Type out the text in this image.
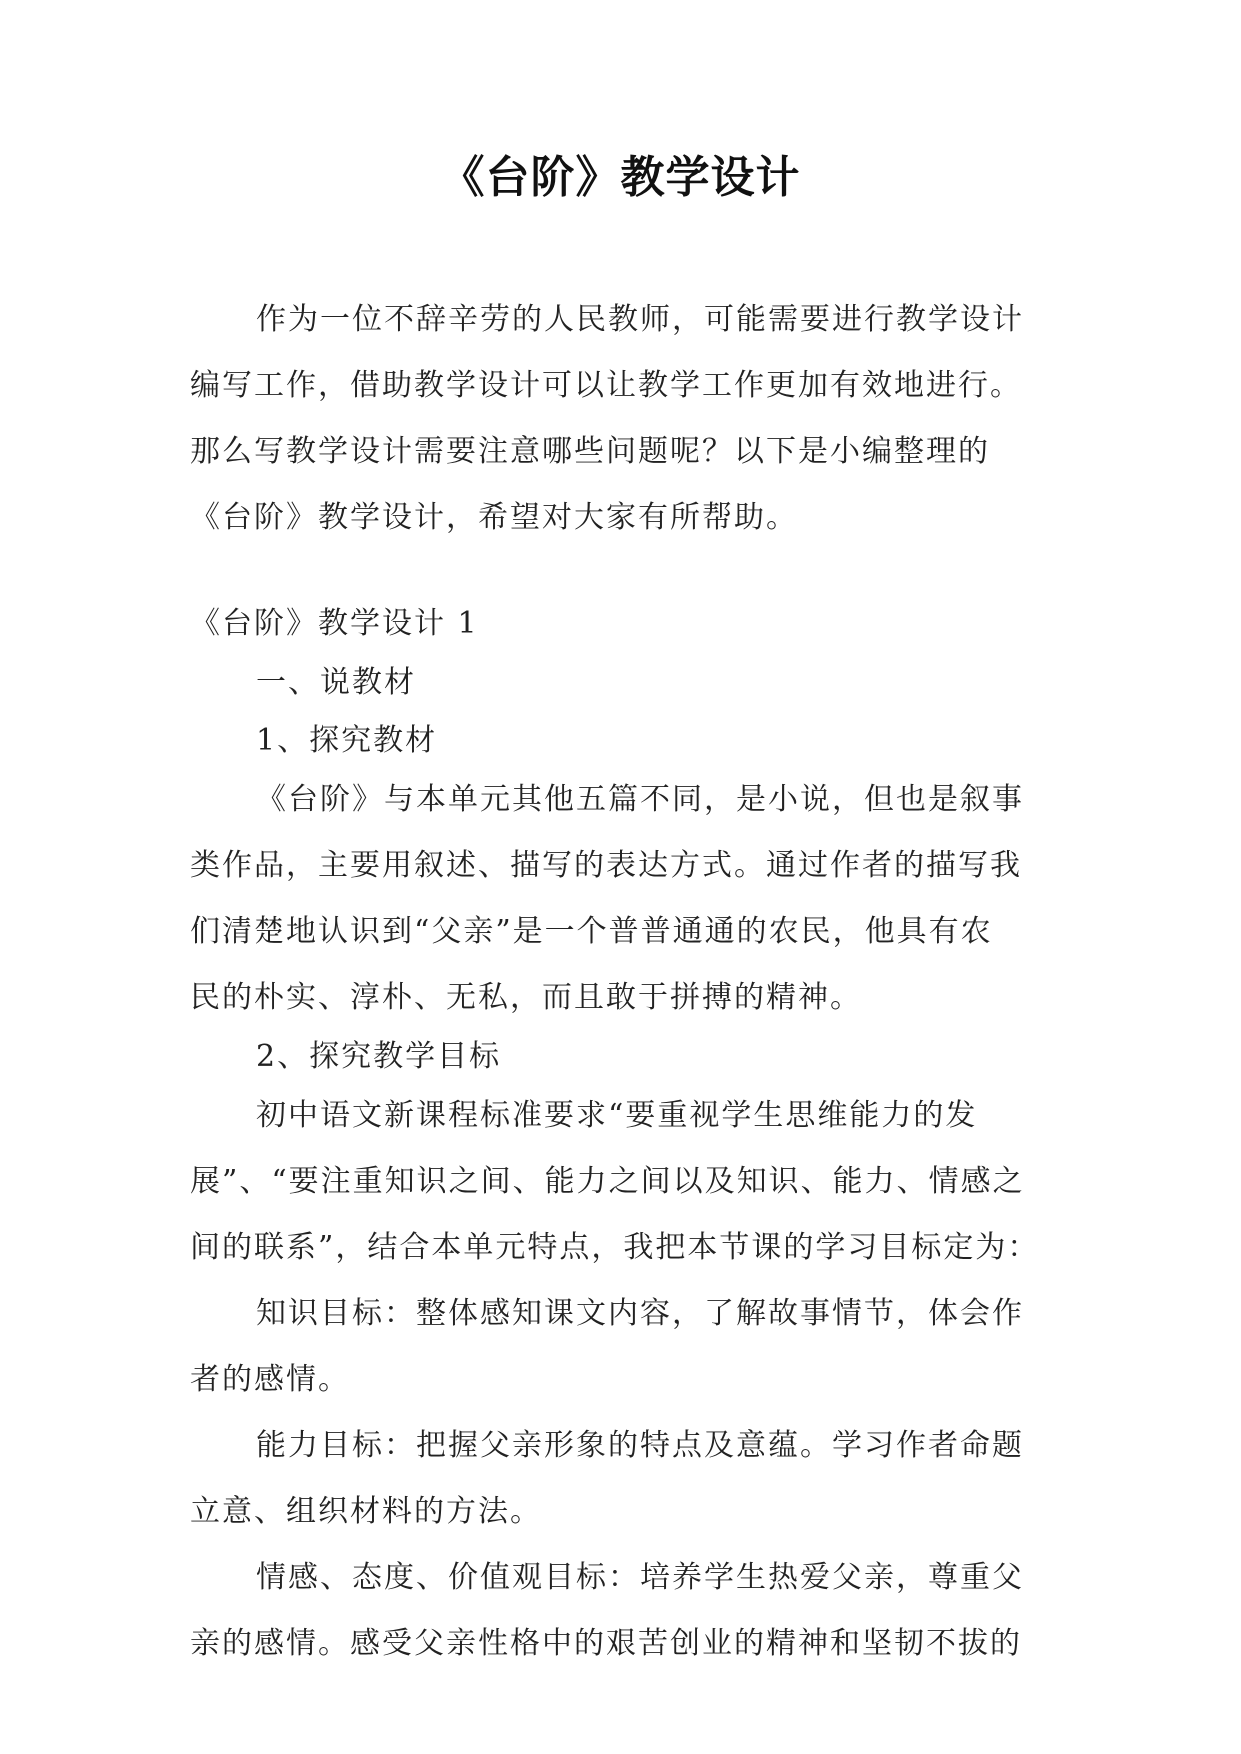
《台阶》教学设计
作为一位不辞辛劳的人民教师，可能需要进行教学设计
编写工作，借助教学设计可以让教学工作更加有效地进行。
那么写教学设计需要注意哪些问题呢？以下是小编整理的
《台阶》教学设计，希望对大家有所帮助。
《台阶》教学设计 1
一、说教材
1、探究教材
《台阶》与本单元其他五篇不同，是小说，但也是叙事
类作品，主要用叙述、描写的表达方式。通过作者的描写我
们清楚地认识到“父亲”是一个普普通通的农民，他具有农
民的朴实、淳朴、无私，而且敢于拼搏的精神。
2、探究教学目标
初中语文新课程标准要求“要重视学生思维能力的发
展”、“要注重知识之间、能力之间以及知识、能力、情感之
间的联系”，结合本单元特点，我把本节课的学习目标定为：
知识目标：整体感知课文内容，了解故事情节，体会作
者的感情。
能力目标：把握父亲形象的特点及意蕴。学习作者命题
立意、组织材料的方法。
情感、态度、价值观目标：培养学生热爱父亲，尊重父
亲的感情。感受父亲性格中的艰苦创业的精神和坚韧不拔的
